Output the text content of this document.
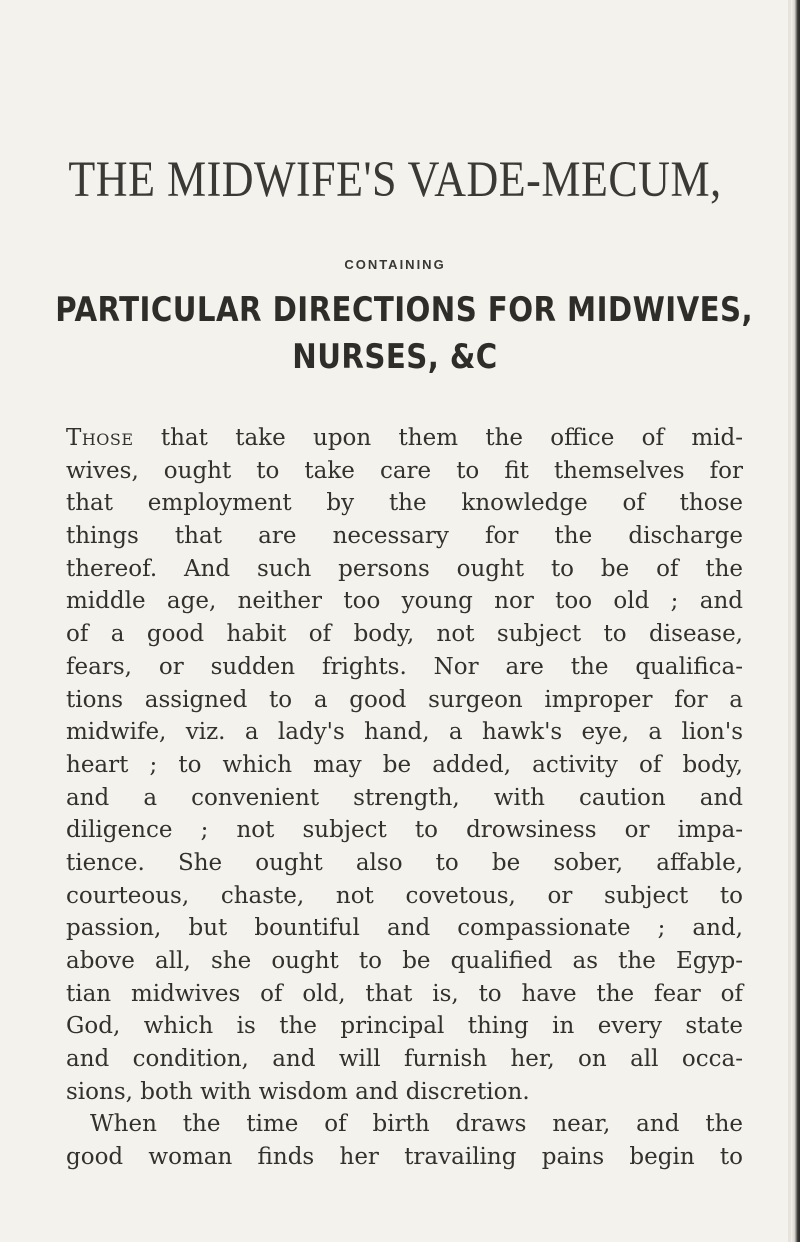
THE MIDWIFE'S VADE-MECUM,
CONTAINING
PARTICULAR DIRECTIONS FOR MIDWIVES,
NURSES, &C
Those that take upon them the office of mid-
wives, ought to take care to fit themselves for
that employment by the knowledge of those
things that are necessary for the discharge
thereof. And such persons ought to be of the
middle age, neither too young nor too old ; and
of a good habit of body, not subject to disease,
fears, or sudden frights. Nor are the qualifica-
tions assigned to a good surgeon improper for a
midwife, viz. a lady's hand, a hawk's eye, a lion's
heart ; to which may be added, activity of body,
and a convenient strength, with caution and
diligence ; not subject to drowsiness or impa-
tience. She ought also to be sober, affable,
courteous, chaste, not covetous, or subject to
passion, but bountiful and compassionate ; and,
above all, she ought to be qualified as the Egyp-
tian midwives of old, that is, to have the fear of
God, which is the principal thing in every state
and condition, and will furnish her, on all occa-
sions, both with wisdom and discretion.
When the time of birth draws near, and the
good woman finds her travailing pains begin to
